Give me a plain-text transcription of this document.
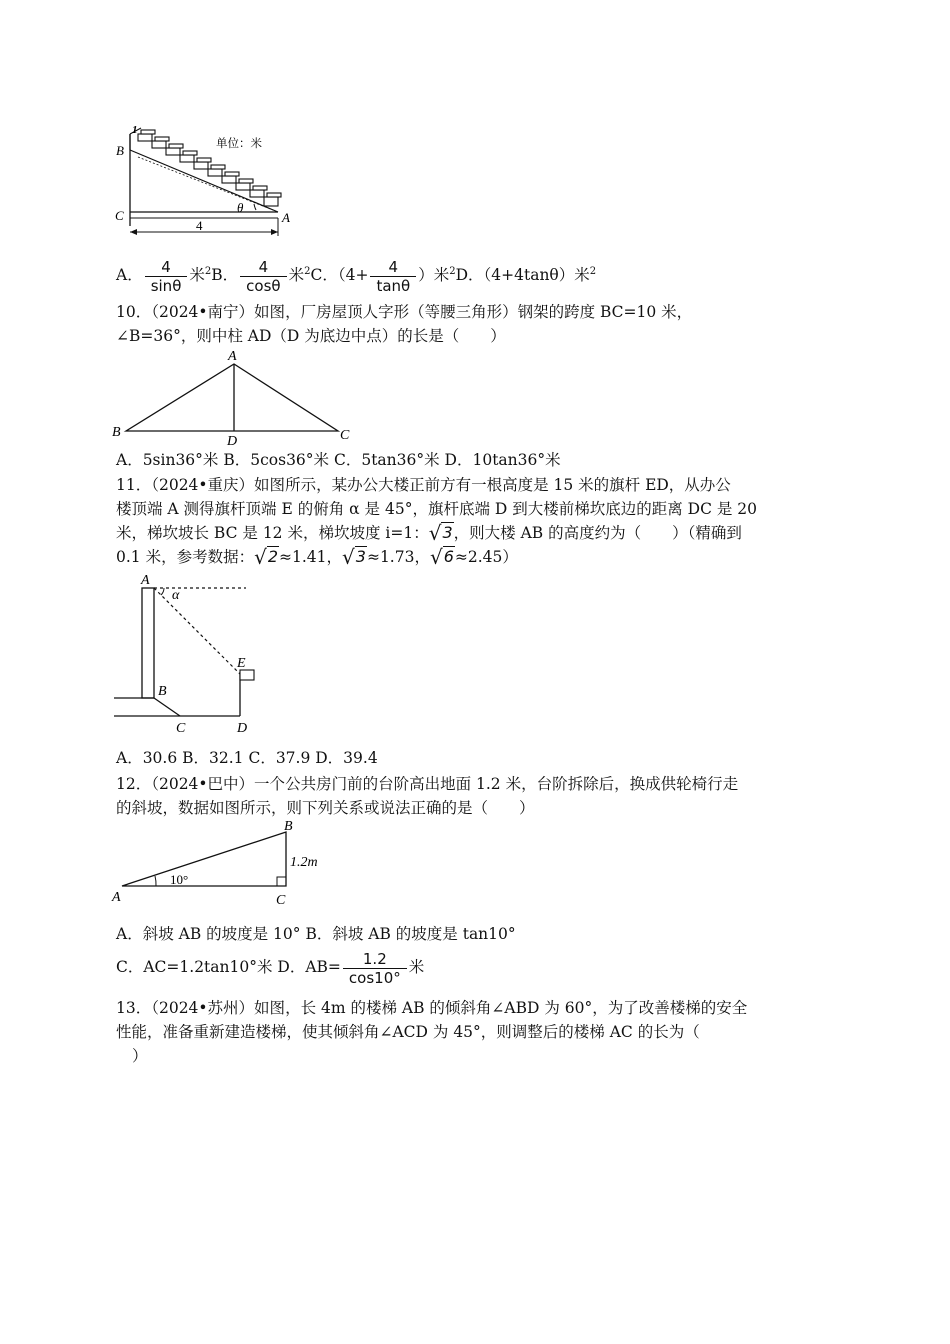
1
B
C	A
θ
4
单位：米
A． $\frac{4}{\sin\theta}$ 米$^2$B． $\frac{4}{\cos\theta}$ 米$^2$C．（$4+ \frac{4}{\tan\theta}$ ）米$^2$D．（4+4tanθ）米$^2$
10．（2024•南宁）如图，厂房屋顶人字形（等腰三角形）钢架的跨度 BC=10 米，
∠B=36°，则中柱 AD（D 为底边中点）的长是（　　）
A
B	C
D
A．5sin36°米 B．5cos36°米 C．5tan36°米 D．10tan36°米
11．（2024•重庆）如图所示，某办公大楼正前方有一根高度是 15 米的旗杆 ED，从办公
楼顶端 A 测得旗杆顶端 E 的俯角 α 是 45°，旗杆底端 D 到大楼前梯坎底边的距离 DC 是 20
米，梯坎坡长 BC 是 12 米，梯坎坡度 i=1：√3，则大楼 AB 的高度约为（　　）（精确到
0.1 米，参考数据：√2≈1.41，√3≈1.73，√6≈2.45）
A
α
E
B
C	D
A．30.6 B．32.1 C．37.9 D．39.4
12．（2024•巴中）一个公共房门前的台阶高出地面 1.2 米，台阶拆除后，换成供轮椅行走
的斜坡，数据如图所示，则下列关系或说法正确的是（　　）
A
B
C
10°
1.2m
A．斜坡 AB 的坡度是 10° B．斜坡 AB 的坡度是 tan10°
C．AC=1.2tan10°米 D．$AB= \frac{1.2}{\cos 10^\circ}$ 米
13．（2024•苏州）如图，长 4m 的楼梯 AB 的倾斜角∠ABD 为 60°，为了改善楼梯的安全
性能，准备重新建造楼梯，使其倾斜角∠ACD 为 45°，则调整后的楼梯 AC 的长为（
）
